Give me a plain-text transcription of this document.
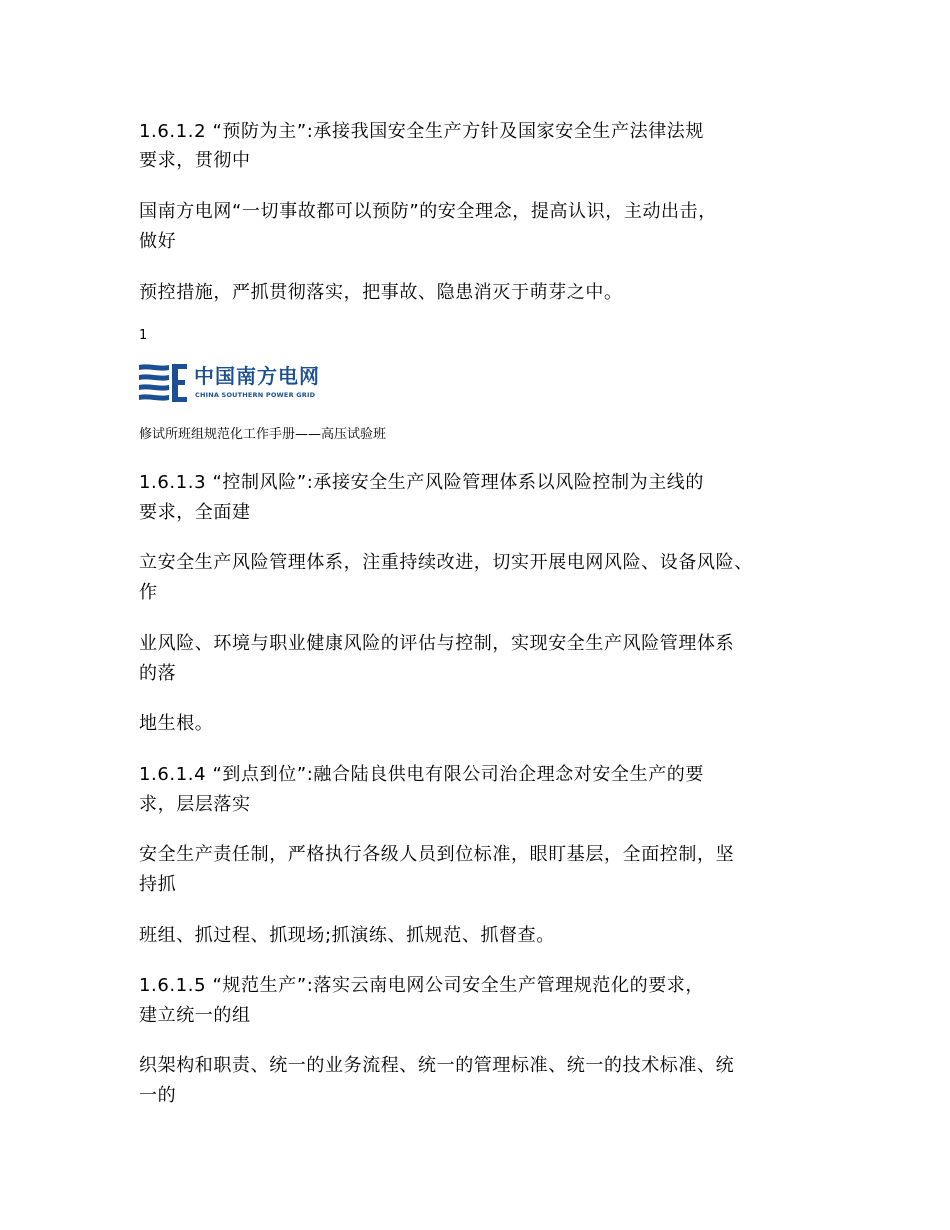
1.6.1.2 “预防为主”:承接我国安全生产方针及国家安全生产法律法规
要求，贯彻中
国南方电网“一切事故都可以预防”的安全理念，提高认识，主动出击，
做好
预控措施，严抓贯彻落实，把事故、隐患消灭于萌芽之中。
1
中国南方电网
CHINA SOUTHERN POWER GRID
修试所班组规范化工作手册——高压试验班
1.6.1.3 “控制风险”:承接安全生产风险管理体系以风险控制为主线的
要求，全面建
立安全生产风险管理体系，注重持续改进，切实开展电网风险、设备风险、
作
业风险、环境与职业健康风险的评估与控制，实现安全生产风险管理体系
的落
地生根。
1.6.1.4 “到点到位”:融合陆良供电有限公司治企理念对安全生产的要
求，层层落实
安全生产责任制，严格执行各级人员到位标准，眼盯基层，全面控制，坚
持抓
班组、抓过程、抓现场;抓演练、抓规范、抓督查。
1.6.1.5 “规范生产”:落实云南电网公司安全生产管理规范化的要求，
建立统一的组
织架构和职责、统一的业务流程、统一的管理标准、统一的技术标准、统
一的
